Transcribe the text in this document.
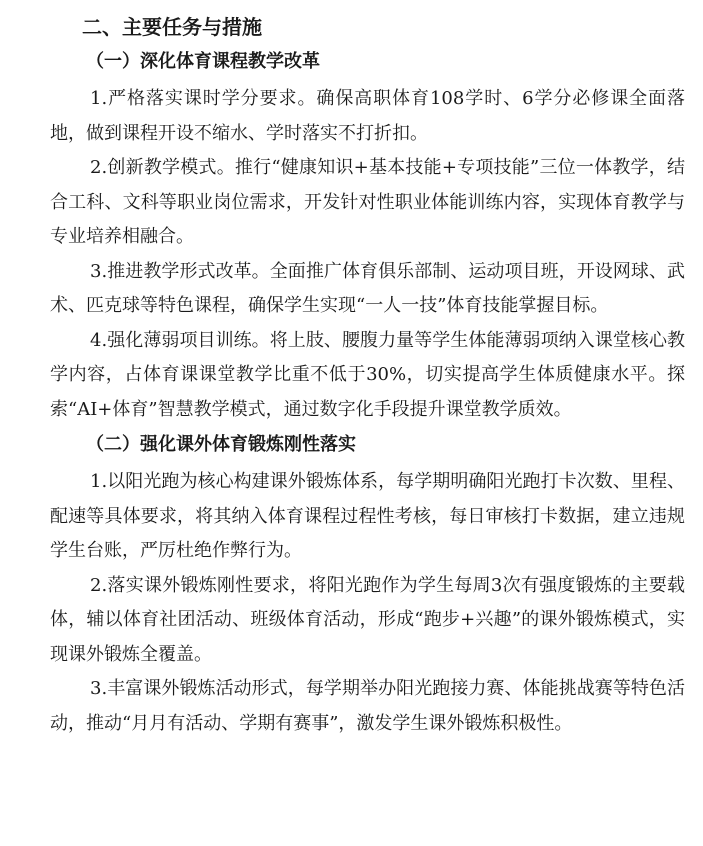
二、主要任务与措施
（一）深化体育课程教学改革

1.严格落实课时学分要求。确保高职体育108学时、6学分必修课全面落地，做到课程开设不缩水、学时落实不打折扣。

2.创新教学模式。推行“健康知识+基本技能+专项技能”三位一体教学，结合工科、文科等职业岗位需求，开发针对性职业体能训练内容，实现体育教学与专业培养相融合。

3.推进教学形式改革。全面推广体育俱乐部制、运动项目班，开设网球、武术、匹克球等特色课程，确保学生实现“一人一技”体育技能掌握目标。

4.强化薄弱项目训练。将上肢、腰腹力量等学生体能薄弱项纳入课堂核心教学内容，占体育课课堂教学比重不低于30%，切实提高学生体质健康水平。探索“AI+体育”智慧教学模式，通过数字化手段提升课堂教学质效。

（二）强化课外体育锻炼刚性落实

1.以阳光跑为核心构建课外锻炼体系，每学期明确阳光跑打卡次数、里程、配速等具体要求，将其纳入体育课程过程性考核，每日审核打卡数据，建立违规学生台账，严厉杜绝作弊行为。

2.落实课外锻炼刚性要求，将阳光跑作为学生每周3次有强度锻炼的主要载体，辅以体育社团活动、班级体育活动，形成“跑步+兴趣”的课外锻炼模式，实现课外锻炼全覆盖。

3.丰富课外锻炼活动形式，每学期举办阳光跑接力赛、体能挑战赛等特色活动，推动“月月有活动、学期有赛事”，激发学生课外锻炼积极性。
